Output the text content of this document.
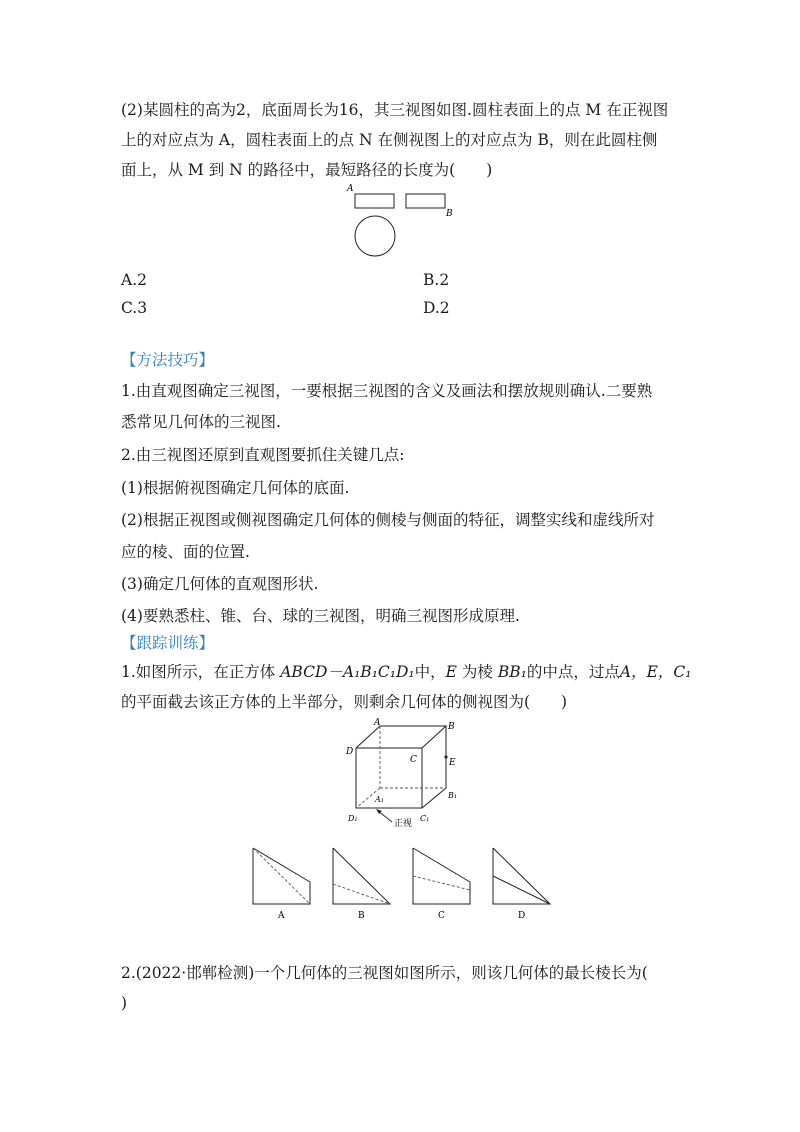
(2)某圆柱的高为2，底面周长为16，其三视图如图.圆柱表面上的点 M 在正视图
上的对应点为 A，圆柱表面上的点 N 在侧视图上的对应点为 B，则在此圆柱侧
面上，从 M 到 N 的路径中，最短路径的长度为(　　)
A
B
A.2	B.2
C.3	D.2
【方法技巧】
1.由直观图确定三视图，一要根据三视图的含义及画法和摆放规则确认.二要熟
悉常见几何体的三视图.
2.由三视图还原到直观图要抓住关键几点:
(1)根据俯视图确定几何体的底面.
(2)根据正视图或侧视图确定几何体的侧棱与侧面的特征，调整实线和虚线所对
应的棱、面的位置.
(3)确定几何体的直观图形状.
(4)要熟悉柱、锥、台、球的三视图，明确三视图形成原理.
【跟踪训练】
1.如图所示，在正方体 ABCD－A₁B₁C₁D₁中，E 为棱 BB₁的中点，过点A，E，C₁
的平面截去该正方体的上半部分，则剩余几何体的侧视图为(　　)
A	B
D
C	E
A₁	B₁
D₁	C₁
正视
A	B	C	D
2.(2022·邯郸检测)一个几何体的三视图如图所示，则该几何体的最长棱长为(
)
